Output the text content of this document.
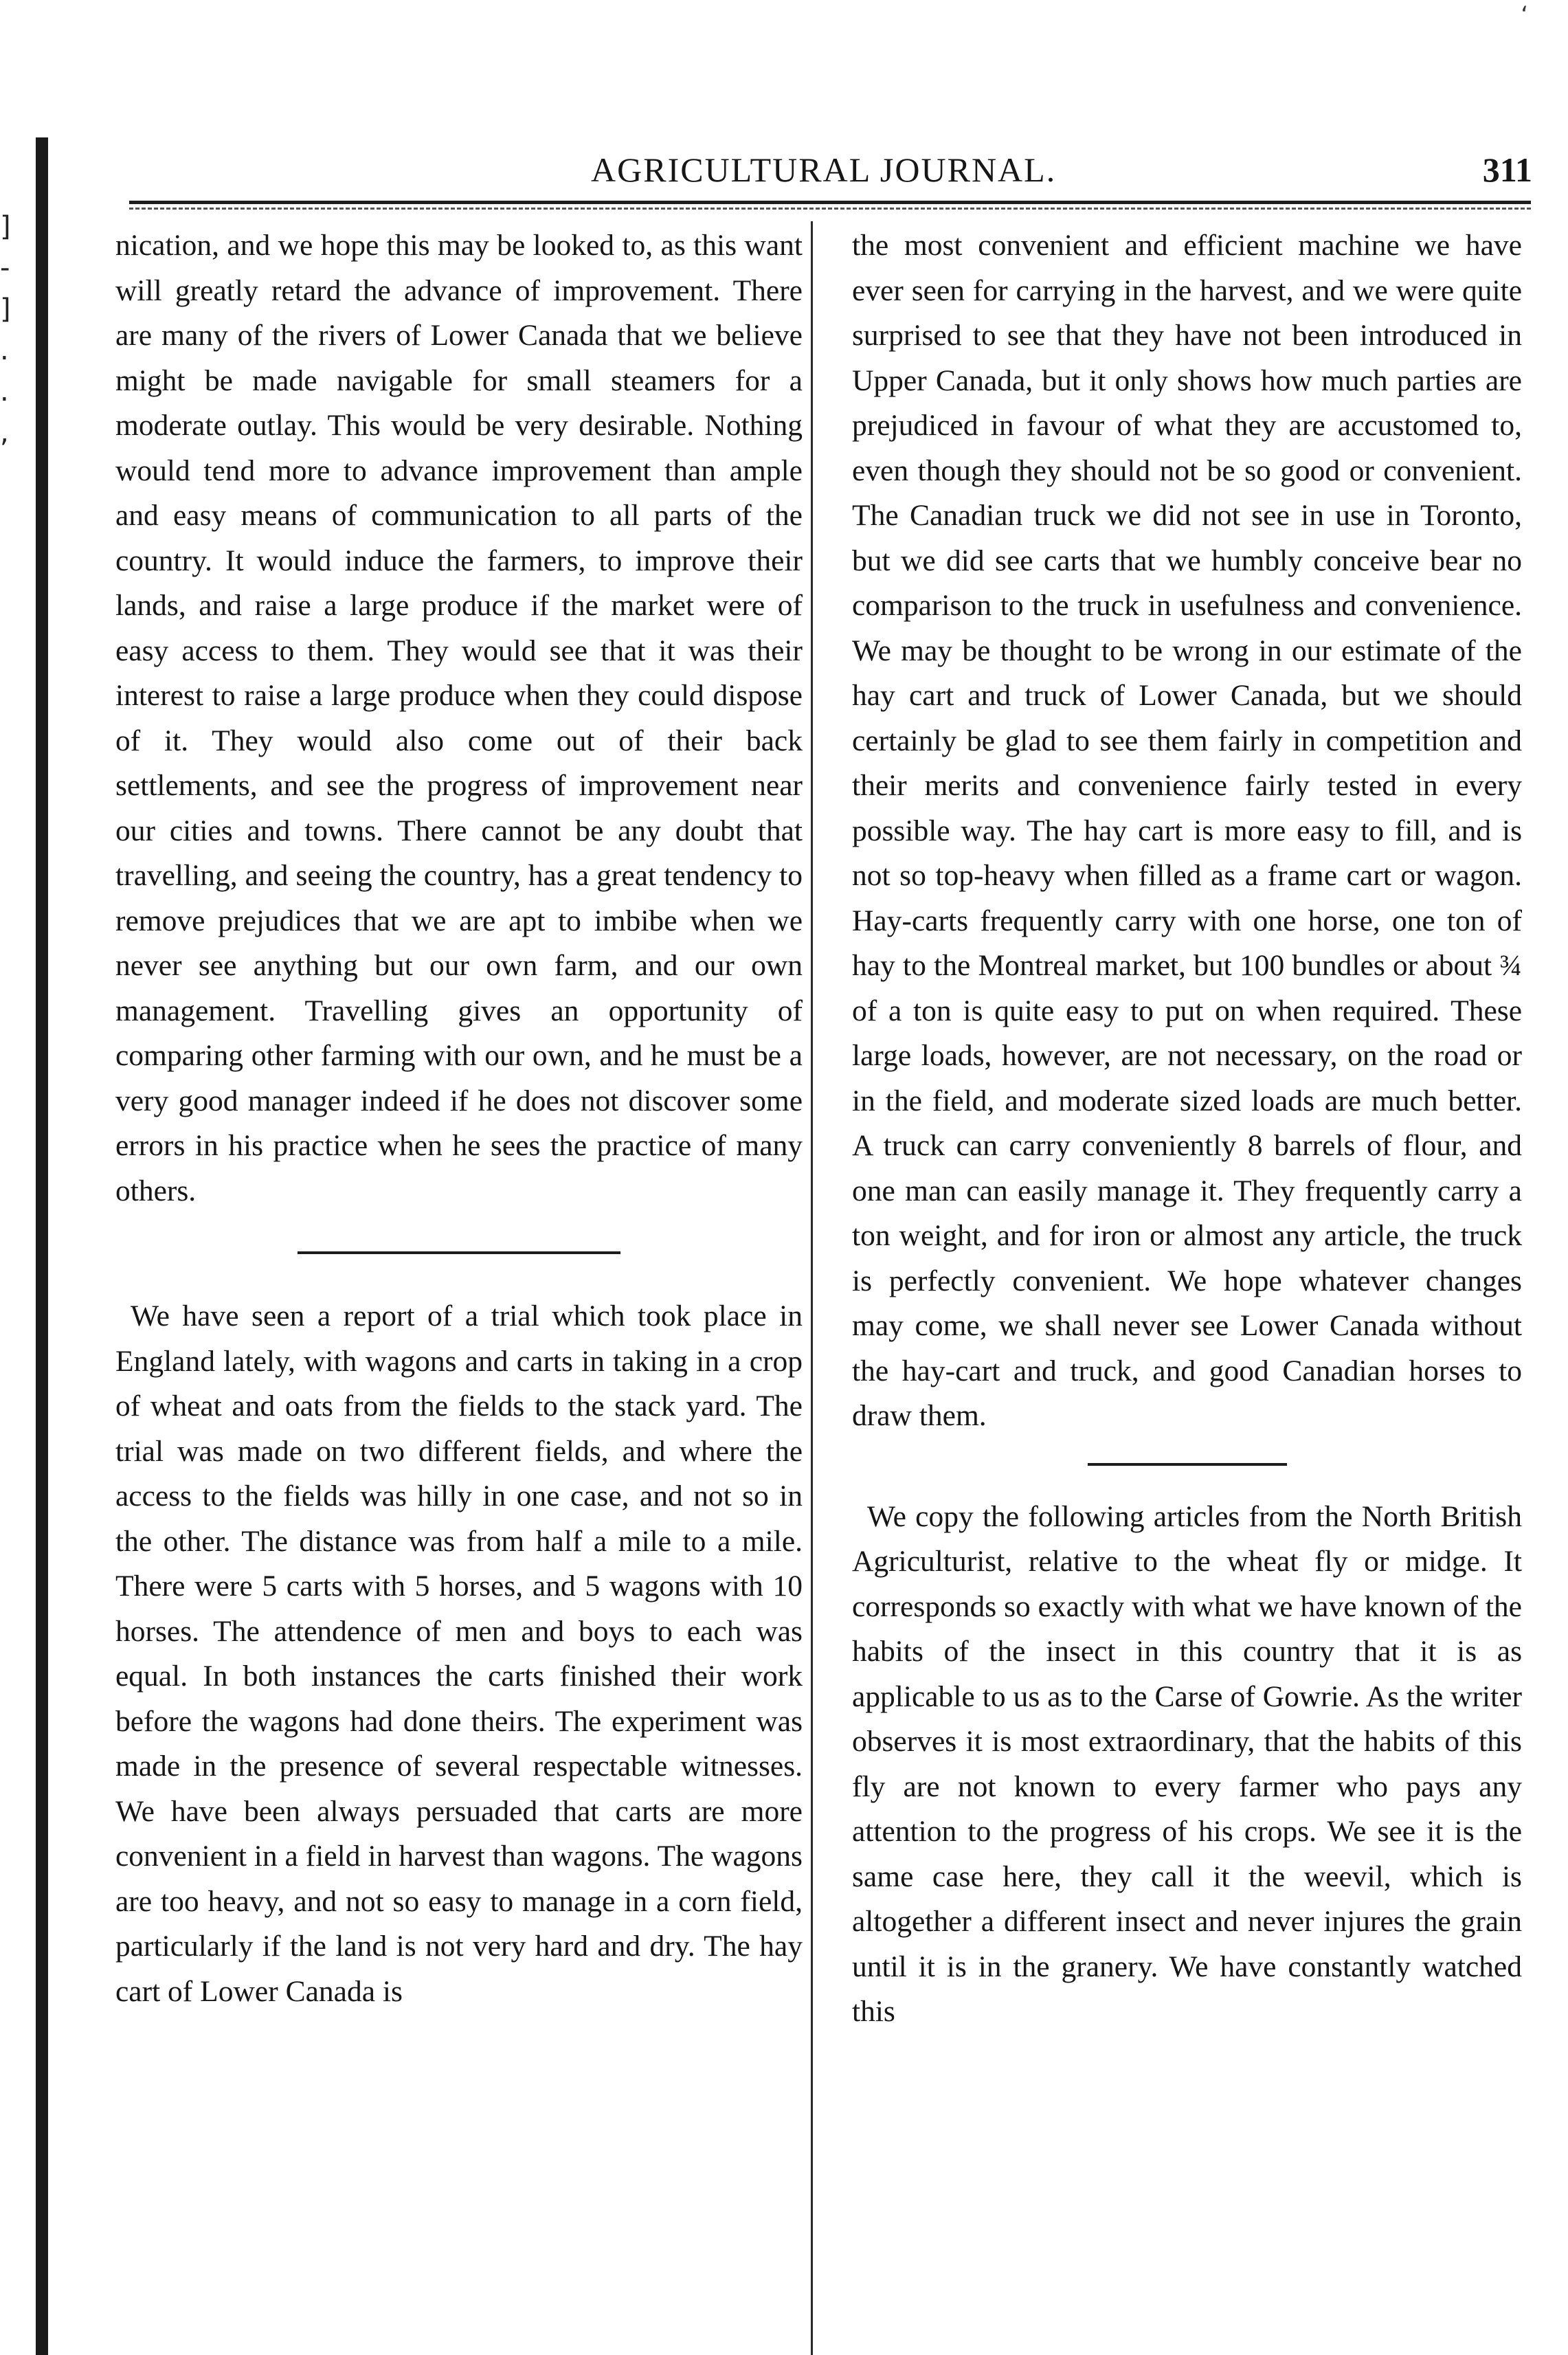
]
-
]
.
.
,
ʻ
AGRICULTURAL JOURNAL.	311

nication, and we hope this may be looked to, as this want will greatly retard the advance of improvement. There are many of the rivers of Lower Canada that we believe might be made navigable for small steamers for a moderate outlay. This would be very desirable. Nothing would tend more to advance improvement than ample and easy means of communication to all parts of the country. It would induce the farmers, to improve their lands, and raise a large produce if the market were of easy access to them. They would see that it was their interest to raise a large produce when they could dispose of it. They would also come out of their back settlements, and see the progress of improvement near our cities and towns. There cannot be any doubt that travelling, and seeing the country, has a great tendency to remove prejudices that we are apt to imbibe when we never see anything but our own farm, and our own management. Travelling gives an opportunity of comparing other farming with our own, and he must be a very good manager indeed if he does not discover some errors in his practice when he sees the practice of many others.

We have seen a report of a trial which took place in England lately, with wagons and carts in taking in a crop of wheat and oats from the fields to the stack yard. The trial was made on two different fields, and where the access to the fields was hilly in one case, and not so in the other. The distance was from half a mile to a mile. There were 5 carts with 5 horses, and 5 wagons with 10 horses. The attendence of men and boys to each was equal. In both instances the carts finished their work before the wagons had done theirs. The experiment was made in the presence of several respectable witnesses. We have been always persuaded that carts are more convenient in a field in harvest than wagons. The wagons are too heavy, and not so easy to manage in a corn field, particularly if the land is not very hard and dry. The hay cart of Lower Canada is

the most convenient and efficient machine we have ever seen for carrying in the harvest, and we were quite surprised to see that they have not been introduced in Upper Canada, but it only shows how much parties are prejudiced in favour of what they are accustomed to, even though they should not be so good or convenient. The Canadian truck we did not see in use in Toronto, but we did see carts that we humbly conceive bear no comparison to the truck in usefulness and convenience. We may be thought to be wrong in our estimate of the hay cart and truck of Lower Canada, but we should certainly be glad to see them fairly in competition and their merits and convenience fairly tested in every possible way. The hay cart is more easy to fill, and is not so top-heavy when filled as a frame cart or wagon. Hay-carts frequently carry with one horse, one ton of hay to the Montreal market, but 100 bundles or about ¾ of a ton is quite easy to put on when required. These large loads, however, are not necessary, on the road or in the field, and moderate sized loads are much better. A truck can carry conveniently 8 barrels of flour, and one man can easily manage it. They frequently carry a ton weight, and for iron or almost any article, the truck is perfectly convenient. We hope whatever changes may come, we shall never see Lower Canada without the hay-cart and truck, and good Canadian horses to draw them.

We copy the following articles from the North British Agriculturist, relative to the wheat fly or midge. It corresponds so exactly with what we have known of the habits of the insect in this country that it is as applicable to us as to the Carse of Gowrie. As the writer observes it is most extraordinary, that the habits of this fly are not known to every farmer who pays any attention to the progress of his crops. We see it is the same case here, they call it the weevil, which is altogether a different insect and never injures the grain until it is in the granery. We have constantly watched this
